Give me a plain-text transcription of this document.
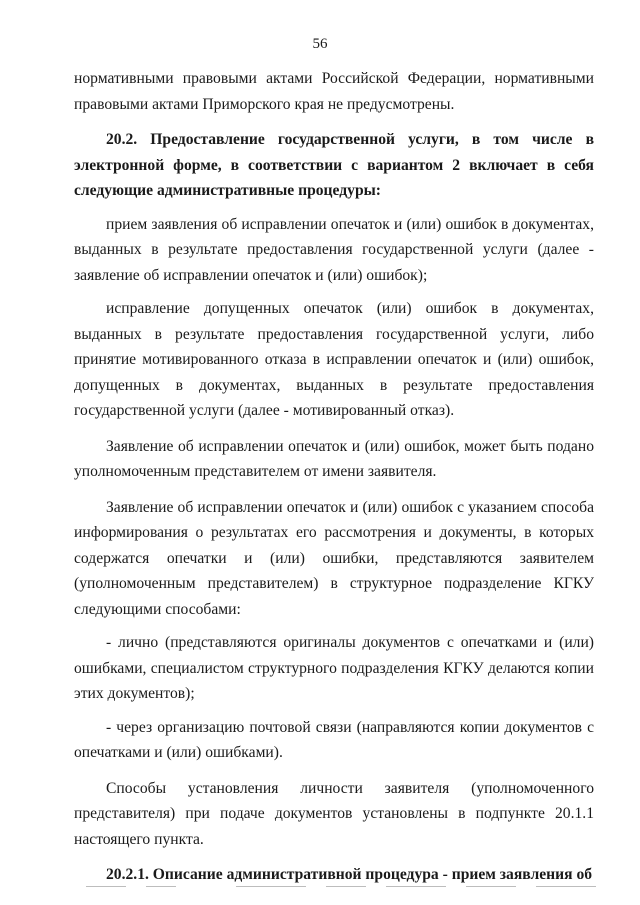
56

нормативными правовыми актами Российской Федерации, нормативными правовыми актами Приморского края не предусмотрены.

20.2. Предоставление государственной услуги, в том числе в электронной форме, в соответствии с вариантом 2 включает в себя следующие административные процедуры:

прием заявления об исправлении опечаток и (или) ошибок в документах, выданных в результате предоставления государственной услуги (далее - заявление об исправлении опечаток и (или) ошибок);

исправление допущенных опечаток (или) ошибок в документах, выданных в результате предоставления государственной услуги, либо принятие мотивированного отказа в исправлении опечаток и (или) ошибок, допущенных в документах, выданных в результате предоставления государственной услуги (далее - мотивированный отказ).

Заявление об исправлении опечаток и (или) ошибок, может быть подано уполномоченным представителем от имени заявителя.

Заявление об исправлении опечаток и (или) ошибок с указанием способа информирования о результатах его рассмотрения и документы, в которых содержатся опечатки и (или) ошибки, представляются заявителем (уполномоченным представителем) в структурное подразделение КГКУ следующими способами:

- лично (представляются оригиналы документов с опечатками и (или) ошибками, специалистом структурного подразделения КГКУ делаются копии этих документов);

- через организацию почтовой связи (направляются копии документов с опечатками и (или) ошибками).

Способы установления личности заявителя (уполномоченного представителя) при подаче документов установлены в подпункте 20.1.1 настоящего пункта.

20.2.1. Описание административной процедура - прием заявления об
